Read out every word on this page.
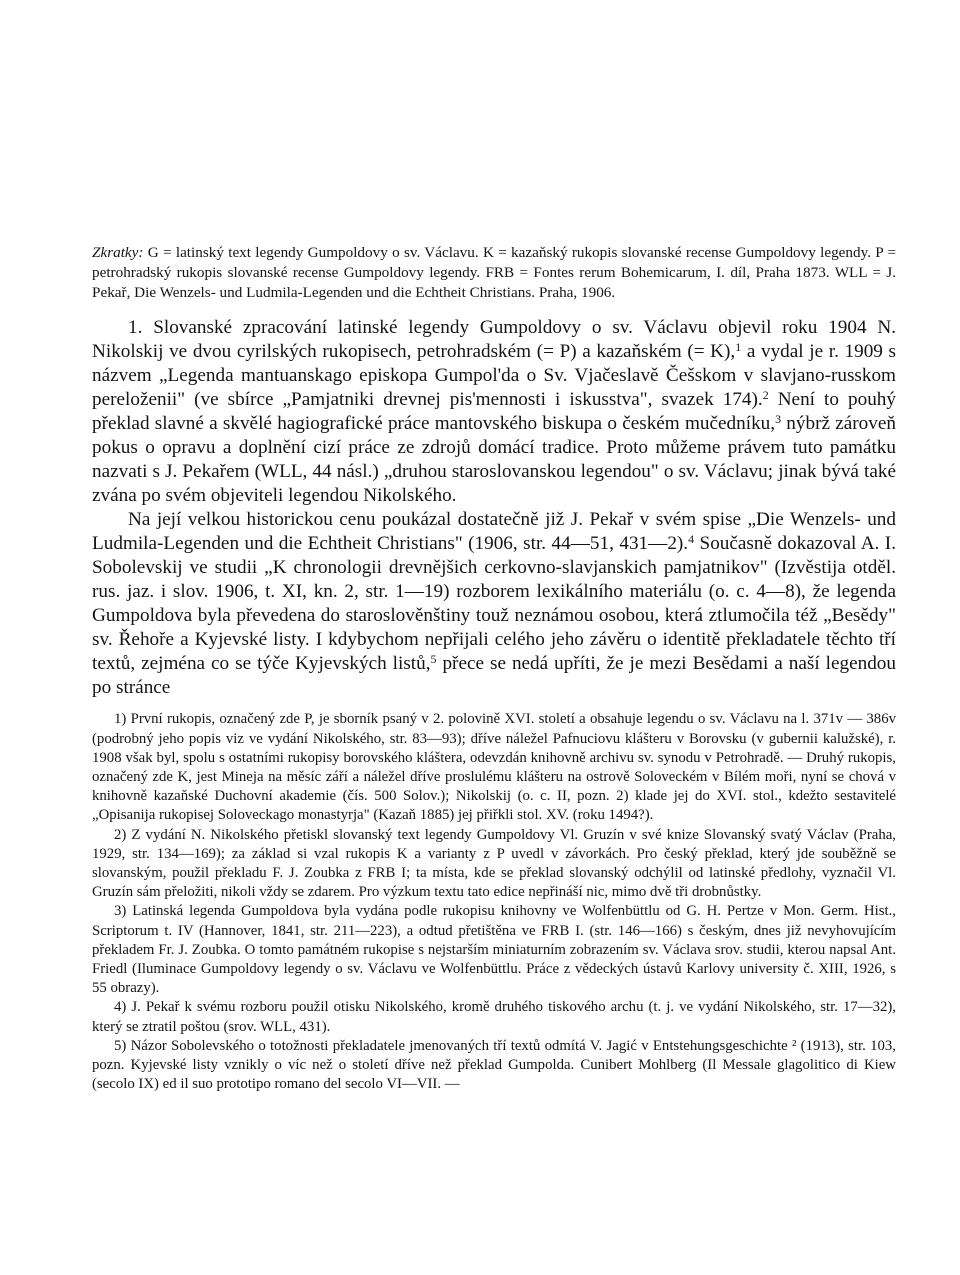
Zkratky: G = latinský text legendy Gumpoldovy o sv. Václavu. K = kazaňský rukopis slovanské recense Gumpoldovy legendy. P = petrohradský rukopis slovanské recense Gumpoldovy legendy. FRB = Fontes rerum Bohemicarum, I. díl, Praha 1873. WLL = J. Pekař, Die Wenzels- und Ludmila-Legenden und die Echtheit Christians. Praha, 1906.

1. Slovanské zpracování latinské legendy Gumpoldovy o sv. Václavu objevil roku 1904 N. Nikolskij ve dvou cyrilských rukopisech, petrohradském (= P) a kazaňském (= K),$^1$ a vydal je r. 1909 s názvem „Legenda mantuanskago episkopa Gumpol'da o Sv. Vjačeslavě Češskom v slavjano-russkom pereloženii" (ve sbírce „Pamjatniki drevnej pis'mennosti i iskusstva", svazek 174).$^2$ Není to pouhý překlad slavné a skvělé hagiografické práce mantovského biskupa o českém mučedníku,$^3$ nýbrž zároveň pokus o opravu a doplnění cizí práce ze zdrojů domácí tradice. Proto můžeme právem tuto památku nazvati s J. Pekařem (WLL, 44 násl.) „druhou staroslovanskou legendou" o sv. Václavu; jinak bývá také zvána po svém objeviteli legendou Nikolského.

Na její velkou historickou cenu poukázal dostatečně již J. Pekař v svém spise „Die Wenzels- und Ludmila-Legenden und die Echtheit Christians" (1906, str. 44—51, 431—2).$^4$ Současně dokazoval A. I. Sobolevskij ve studii „K chronologii drevnějšich cerkovno-slavjanskich pamjatnikov" (Izvěstija otděl. rus. jaz. i slov. 1906, t. XI, kn. 2, str. 1—19) rozborem lexikálního materiálu (o. c. 4—8), že legenda Gumpoldova byla převedena do staroslověnštiny touž neznámou osobou, která ztlumočila též „Besědy" sv. Řehoře a Kyjevské listy. I kdybychom nepřijali celého jeho závěru o identitě překladatele těchto tří textů, zejména co se týče Kyjevských listů,$^5$ přece se nedá upříti, že je mezi Besědami a naší legendou po stránce

1) První rukopis, označený zde P, je sborník psaný v 2. polovině XVI. století a obsahuje legendu o sv. Václavu na l. 371v — 386v (podrobný jeho popis viz ve vydání Nikolského, str. 83—93); dříve náležel Pafnuciovu klášteru v Borovsku (v gubernii kalužské), r. 1908 však byl, spolu s ostatními rukopisy borovského kláštera, odevzdán knihovně archivu sv. synodu v Petrohradě. — Druhý rukopis, označený zde K, jest Mineja na měsíc září a náležel dříve proslulému klášteru na ostrově Soloveckém v Bílém moři, nyní se chová v knihovně kazaňské Duchovní akademie (čís. 500 Solov.); Nikolskij (o. c. II, pozn. 2) klade jej do XVI. stol., kdežto sestavitelé „Opisanija rukopisej Soloveckago monastyrja" (Kazaň 1885) jej přiřkli stol. XV. (roku 1494?).

2) Z vydání N. Nikolského přetiskl slovanský text legendy Gumpoldovy Vl. Gruzín v své knize Slovanský svatý Václav (Praha, 1929, str. 134—169); za základ si vzal rukopis K a varianty z P uvedl v závorkách. Pro český překlad, který jde souběžně se slovanským, použil překladu F. J. Zoubka z FRB I; ta místa, kde se překlad slovanský odchýlil od latinské předlohy, vyznačil Vl. Gruzín sám přeložiti, nikoli vždy se zdarem. Pro výzkum textu tato edice nepřináší nic, mimo dvě tři drobnůstky.

3) Latinská legenda Gumpoldova byla vydána podle rukopisu knihovny ve Wolfenbüttlu od G. H. Pertze v Mon. Germ. Hist., Scriptorum t. IV (Hannover, 1841, str. 211—223), a odtud přetištěna ve FRB I. (str. 146—166) s českým, dnes již nevyhovujícím překladem Fr. J. Zoubka. O tomto památném rukopise s nejstarším miniaturním zobrazením sv. Václava srov. studii, kterou napsal Ant. Friedl (Iluminace Gumpoldovy legendy o sv. Václavu ve Wolfenbüttlu. Práce z vědeckých ústavů Karlovy university č. XIII, 1926, s 55 obrazy).

4) J. Pekař k svému rozboru použil otisku Nikolského, kromě druhého tiskového archu (t. j. ve vydání Nikolského, str. 17—32), který se ztratil poštou (srov. WLL, 431).

5) Názor Sobolevského o totožnosti překladatele jmenovaných tří textů odmítá V. Jagić v Entstehungsgeschichte ² (1913), str. 103, pozn. Kyjevské listy vznikly o víc než o století dříve než překlad Gumpolda. Cunibert Mohlberg (Il Messale glagolitico di Kiew (secolo IX) ed il suo prototipo romano del secolo VI—VII. —
